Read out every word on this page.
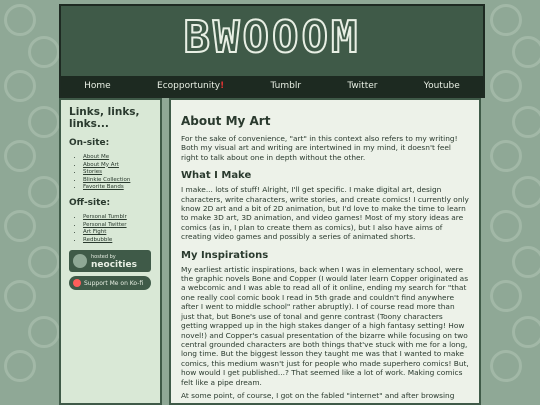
BWOOOM
Home	Ecopportunity!	Tumblr	Twitter	Youtube
Links, links, links...
On-site:
• About Me
• About My Art
• Stories
• Blinkie Collection
• Favorite Bands
Off-site:
• Personal Tumblr
• Personal Twitter
• Art Fight
• Redbubble
hosted by
neocities
Support Me on Ko-fi
About My Art

For the sake of convenience, "art" in this context also refers to my writing! Both my visual art and writing are intertwined in my mind, it doesn't feel right to talk about one in depth without the other.

What I Make

I make... lots of stuff! Alright, I'll get specific. I make digital art, design characters, write characters, write stories, and create comics! I currently only know 2D art and a bit of 2D animation, but I'd love to make the time to learn to make 3D art, 3D animation, and video games! Most of my story ideas are comics (as in, I plan to create them as comics), but I also have aims of creating video games and possibly a series of animated shorts.

My Inspirations

My earliest artistic inspirations, back when I was in elementary school, were the graphic novels Bone and Copper (I would later learn Copper originated as a webcomic and I was able to read all of it online, ending my search for "that one really cool comic book I read in 5th grade and couldn't find anywhere after I went to middle school" rather abruptly). I of course read more than just that, but Bone's use of tonal and genre contrast (Toony characters getting wrapped up in the high stakes danger of a high fantasy setting! How novel!) and Copper's casual presentation of the bizarre while focusing on two central grounded characters are both things that've stuck with me for a long, long time. But the biggest lesson they taught me was that I wanted to make comics, this medium wasn't just for people who made superhero comics! But, how would I get published...? That seemed like a lot of work. Making comics felt like a pipe dream.

At some point, of course, I got on the fabled "internet" and after browsing
